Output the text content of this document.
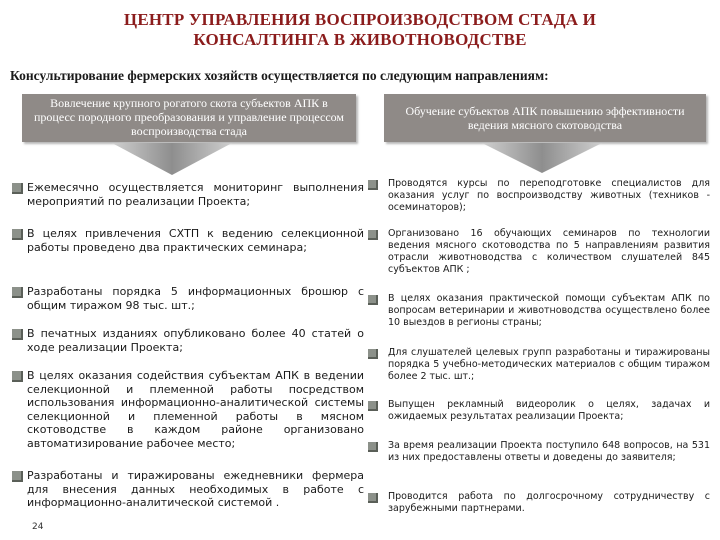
ЦЕНТР УПРАВЛЕНИЯ ВОСПРОИЗВОДСТВОМ СТАДА И
КОНСАЛТИНГА В ЖИВОТНОВОДСТВЕ
Консультирование фермерских хозяйств осуществляется по следующим направлениям:
Вовлечение крупного рогатого скота субъектов АПК в процесс породного преобразования и управление процессом воспроизводства стада
Обучение субъектов АПК повышению эффективности ведения мясного скотоводства
Ежемесячно осуществляется мониторинг выполнения мероприятий по реализации Проекта;
В целях привлечения СХТП к ведению селекционной работы проведено два практических семинара;
Разработаны порядка 5 информационных брошюр с общим тиражом 98 тыс. шт.;
В печатных изданиях опубликовано более 40 статей о ходе реализации Проекта;
В целях оказания содействия субъектам АПК в ведении селекционной и племенной работы посредством использования информационно-аналитической системы селекционной и племенной работы в мясном скотоводстве в каждом районе организовано автоматизирование рабочее место;
Разработаны и тиражированы ежедневники фермера для внесения данных необходимых в работе с информационно-аналитической системой .
Проводятся курсы по переподготовке специалистов для оказания услуг по воспроизводству животных (техников - осеминаторов);
Организовано 16 обучающих семинаров по технологии ведения мясного скотоводства по 5 направлениям развития отрасли животноводства с количеством слушателей 845 субъектов АПК ;
В целях оказания практической помощи субъектам АПК по вопросам ветеринарии и животноводства осуществлено более 10 выездов в регионы страны;
Для слушателей целевых групп разработаны и тиражированы порядка 5 учебно-методических материалов с общим тиражом более 2 тыс. шт.;
Выпущен рекламный видеоролик о целях, задачах и ожидаемых результатах реализации Проекта;
За время реализации Проекта поступило 648 вопросов, на 531 из них предоставлены ответы и доведены до заявителя;
Проводится работа по долгосрочному сотрудничеству с зарубежными партнерами.
24
